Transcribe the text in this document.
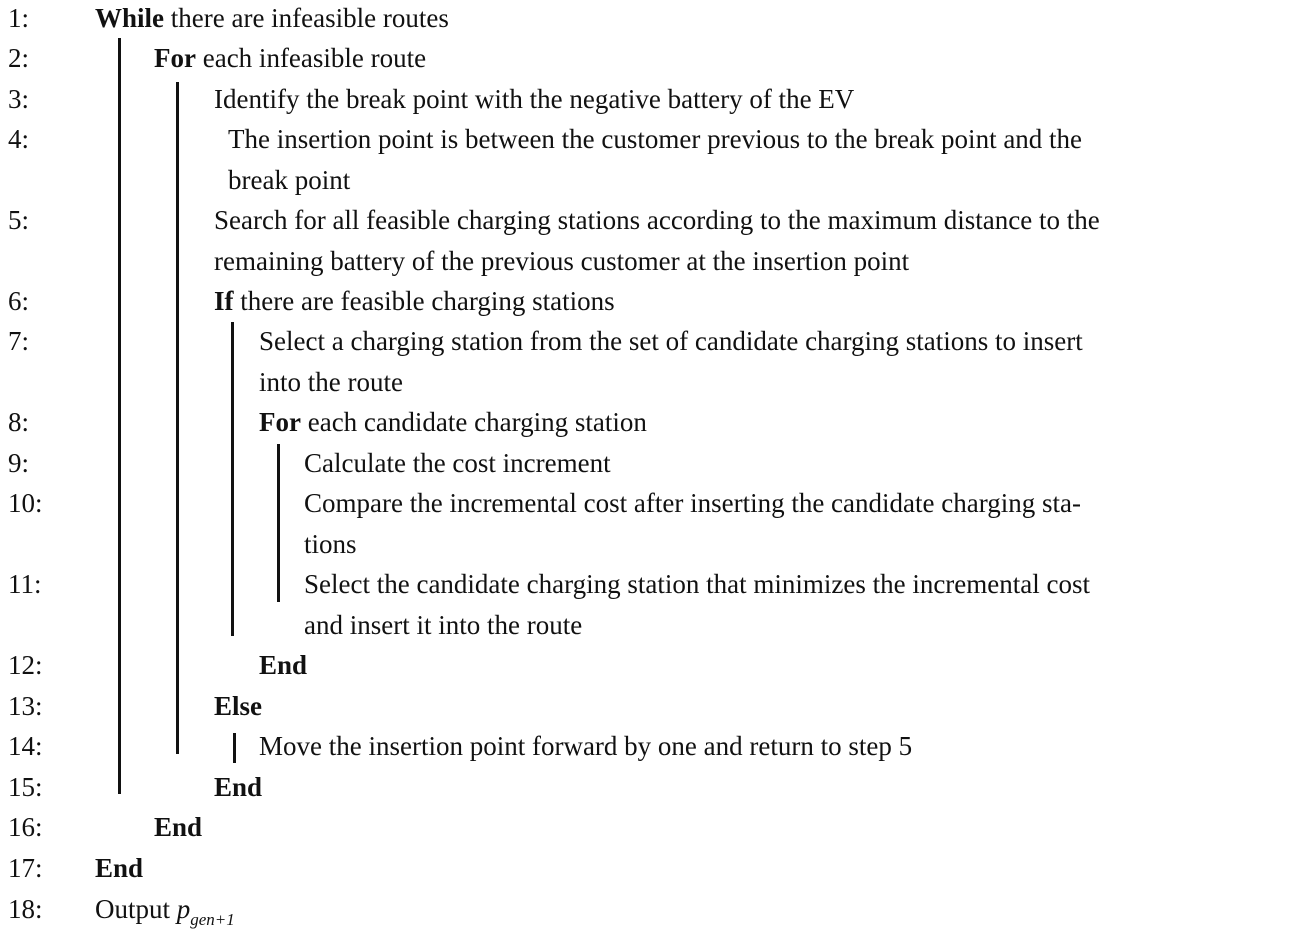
1: While there are infeasible routes
2:	For each infeasible route
3:	Identify the break point with the negative battery of the EV
4:	The insertion point is between the customer previous to the break point and the
break point
5:	Search for all feasible charging stations according to the maximum distance to the
remaining battery of the previous customer at the insertion point
6:	If there are feasible charging stations
7:	Select a charging station from the set of candidate charging stations to insert
into the route
8:	For each candidate charging station
9:	Calculate the cost increment
10:	Compare the incremental cost after inserting the candidate charging sta-
tions
11:	Select the candidate charging station that minimizes the incremental cost
and insert it into the route
12:	End
13:	Else
14:	Move the insertion point forward by one and return to step 5
15:	End
16:	End
17: End
18: Output $p_{gen+1}$
